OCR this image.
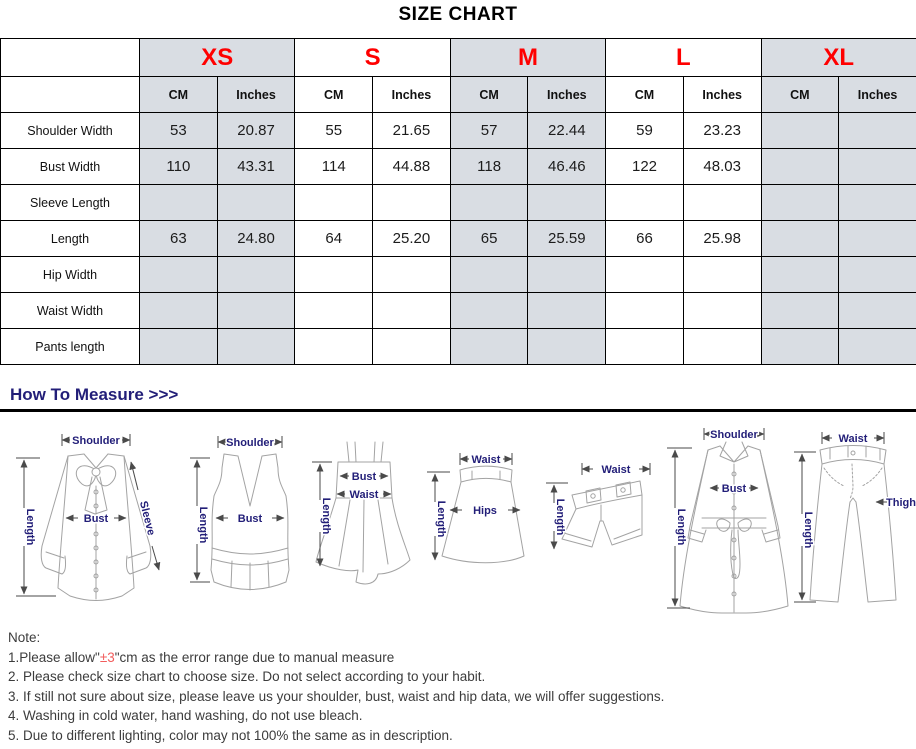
SIZE CHART
	XS		S		M		L		XL	
	CM	Inches	CM	Inches	CM	Inches	CM	Inches	CM	Inches
Shoulder Width	53	20.87	55	21.65	57	22.44	59	23.23		
Bust Width	110	43.31	114	44.88	118	46.46	122	48.03		
Sleeve Length										
Length	63	24.80	64	25.20	65	25.59	66	25.98		
Hip Width										
Waist Width										
Pants length										
How To Measure >>>
Shoulder
Length	Bust	Sleeve
Shoulder
Length	Bust
Bust
Waist
Length
Waist
Hips
Length
Waist
Length
Shoulder
Bust
Length
Waist
Thigh
Length
Note:
1.Please allow"±3"cm as the error range due to manual measure
2. Please check size chart to choose size. Do not select according to your habit.
3. If still not sure about size, please leave us your shoulder, bust, waist and hip data, we will offer suggestions.
4. Washing in cold water, hand washing, do not use bleach.
5. Due to different lighting, color may not 100% the same as in description.
